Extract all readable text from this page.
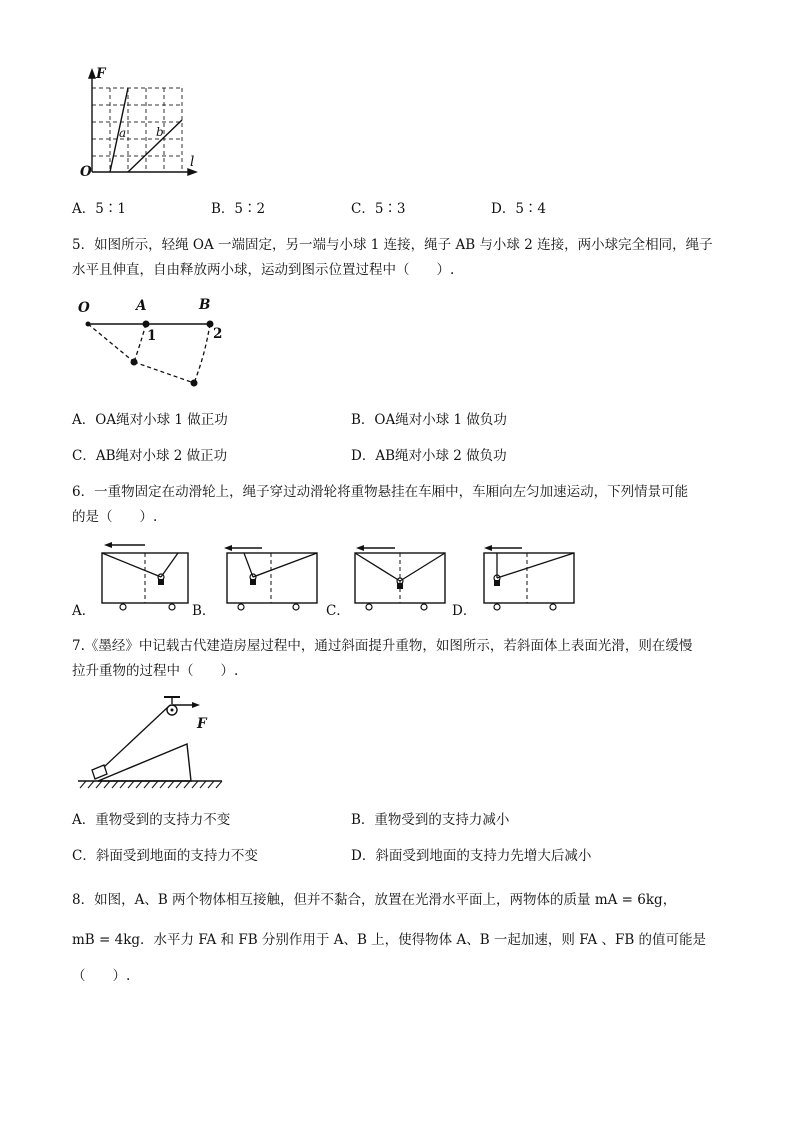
F
l
O
a b
A．5∶1	B．5∶2	C．5∶3	D．5∶4
5．如图所示，轻绳 OA 一端固定，另一端与小球 1 连接，绳子 AB 与小球 2 连接，两小球完全相同，绳子
水平且伸直，自由释放两小球，运动到图示位置过程中（　　）.
O	A	B
1	2
A．OA绳对小球 1 做正功	B．OA绳对小球 1 做负功
C．AB绳对小球 2 做正功	D．AB绳对小球 2 做负功
6．一重物固定在动滑轮上，绳子穿过动滑轮将重物悬挂在车厢中，车厢向左匀加速运动，下列情景可能
的是（　　）.
A．	B．	C．	D．
7.《墨经》中记载古代建造房屋过程中，通过斜面提升重物，如图所示，若斜面体上表面光滑，则在缓慢
拉升重物的过程中（　　）.
F
A．重物受到的支持力不变	B．重物受到的支持力减小
C．斜面受到地面的支持力不变	D．斜面受到地面的支持力先增大后减小
8．如图，A、B 两个物体相互接触，但并不黏合，放置在光滑水平面上，两物体的质量 mA = 6kg，
mB = 4kg．水平力 FA 和 FB 分别作用于 A、B 上，使得物体 A、B 一起加速，则 FA 、FB 的值可能是
（　　）.
